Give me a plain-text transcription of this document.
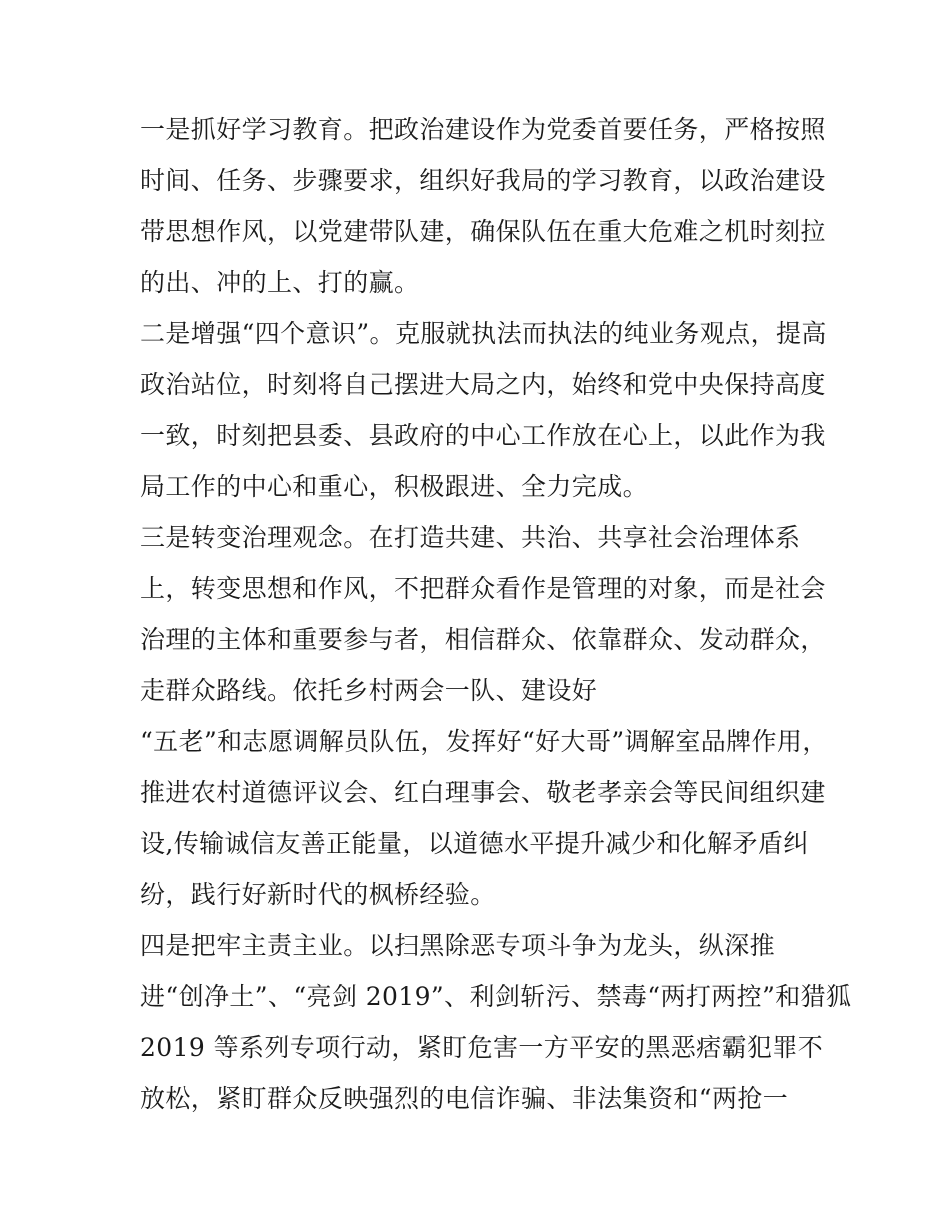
一是抓好学习教育。把政治建设作为党委首要任务，严格按照
时间、任务、步骤要求，组织好我局的学习教育，以政治建设
带思想作风，以党建带队建，确保队伍在重大危难之机时刻拉
的出、冲的上、打的赢。
二是增强“四个意识”。克服就执法而执法的纯业务观点，提高
政治站位，时刻将自己摆进大局之内，始终和党中央保持高度
一致，时刻把县委、县政府的中心工作放在心上，以此作为我
局工作的中心和重心，积极跟进、全力完成。
三是转变治理观念。在打造共建、共治、共享社会治理体系
上，转变思想和作风，不把群众看作是管理的对象，而是社会
治理的主体和重要参与者，相信群众、依靠群众、发动群众，
走群众路线。依托乡村两会一队、建设好
“五老”和志愿调解员队伍，发挥好“好大哥”调解室品牌作用，
推进农村道德评议会、红白理事会、敬老孝亲会等民间组织建
设,传输诚信友善正能量，以道德水平提升减少和化解矛盾纠
纷，践行好新时代的枫桥经验。
四是把牢主责主业。以扫黑除恶专项斗争为龙头，纵深推
进“创净土”、“亮剑 2019”、利剑斩污、禁毒“两打两控”和猎狐
2019 等系列专项行动，紧盯危害一方平安的黑恶痞霸犯罪不
放松，紧盯群众反映强烈的电信诈骗、非法集资和“两抢一
